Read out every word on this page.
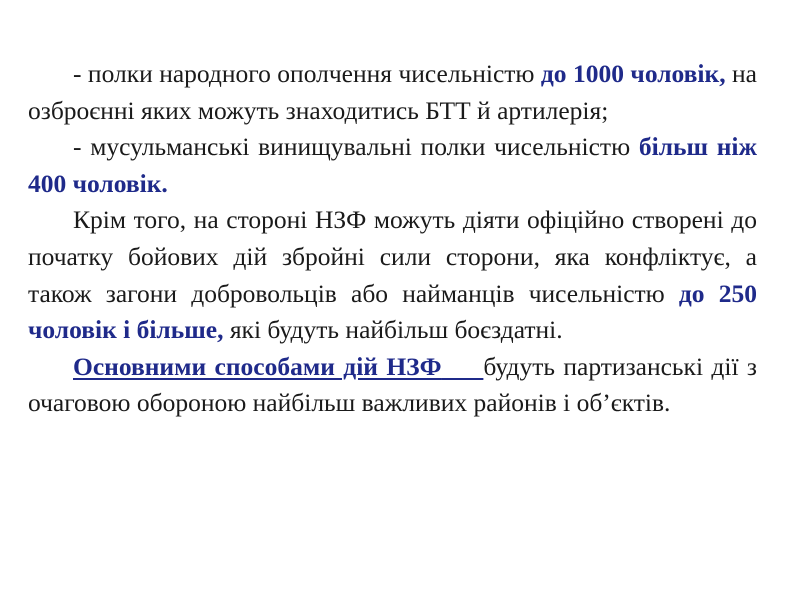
- полки народного ополчення чисельністю до 1000 чоловік, на озброєнні яких можуть знаходитись БТТ й артилерія;

- мусульманські винищувальні полки чисельністю більш ніж 400 чоловік.

Крім того, на стороні НЗФ можуть діяти офіційно створені до початку бойових дій збройні сили сторони, яка конфліктує, а також загони добровольців або найманців чисельністю до 250 чоловік і більше, які будуть найбільш боєздатні.

Основними способами дій НЗФ будуть партизанські дії з очаговою обороною найбільш важливих районів і об’єктів.
